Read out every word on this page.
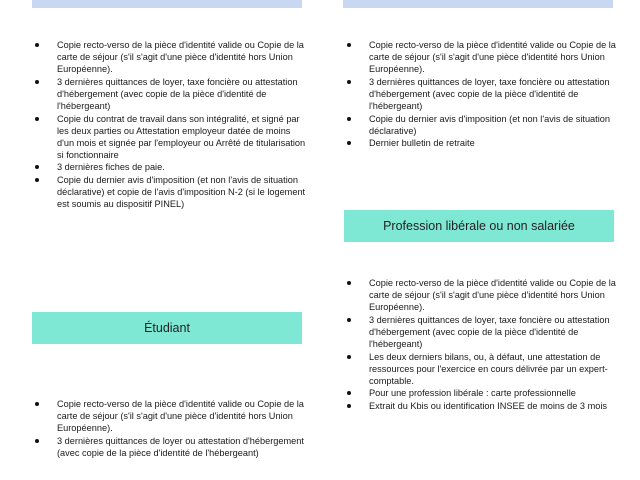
Copie recto-verso de la pièce d'identité valide ou Copie de la carte de séjour (s'il s'agit d'une pièce d'identité hors Union Européenne).
3 dernières quittances de loyer, taxe foncière ou attestation d'hébergement (avec copie de la pièce d'identité de l'hébergeant)
Copie du contrat de travail dans son intégralité, et signé par les deux parties ou Attestation employeur datée de moins d'un mois et signée par l'employeur ou Arrêté de titularisation si fonctionnaire
3 dernières fiches de paie.
Copie du dernier avis d'imposition (et non l'avis de situation déclarative) et copie de l'avis d'imposition N-2 (si le logement est soumis au dispositif PINEL)
Étudiant
Copie recto-verso de la pièce d'identité valide ou Copie de la carte de séjour (s'il s'agit d'une pièce d'identité hors Union Européenne).
3 dernières quittances de loyer ou attestation d'hébergement (avec copie de la pièce d'identité de l'hébergeant)
Copie recto-verso de la pièce d'identité valide ou Copie de la carte de séjour (s'il s'agit d'une pièce d'identité hors Union Européenne).
3 dernières quittances de loyer, taxe foncière ou attestation d'hébergement (avec copie de la pièce d'identité de l'hébergeant)
Copie du dernier avis d'imposition (et non l'avis de situation déclarative)
Dernier bulletin de retraite
Profession libérale ou non salariée
Copie recto-verso de la pièce d'identité valide ou Copie de la carte de séjour (s'il s'agit d'une pièce d'identité hors Union Européenne).
3 dernières quittances de loyer, taxe foncière ou attestation d'hébergement (avec copie de la pièce d'identité de l'hébergeant)
Les deux derniers bilans, ou, à défaut, une attestation de ressources pour l'exercice en cours délivrée par un expert-comptable.
Pour une profession libérale : carte professionnelle
Extrait du Kbis ou identification INSEE de moins de 3 mois
